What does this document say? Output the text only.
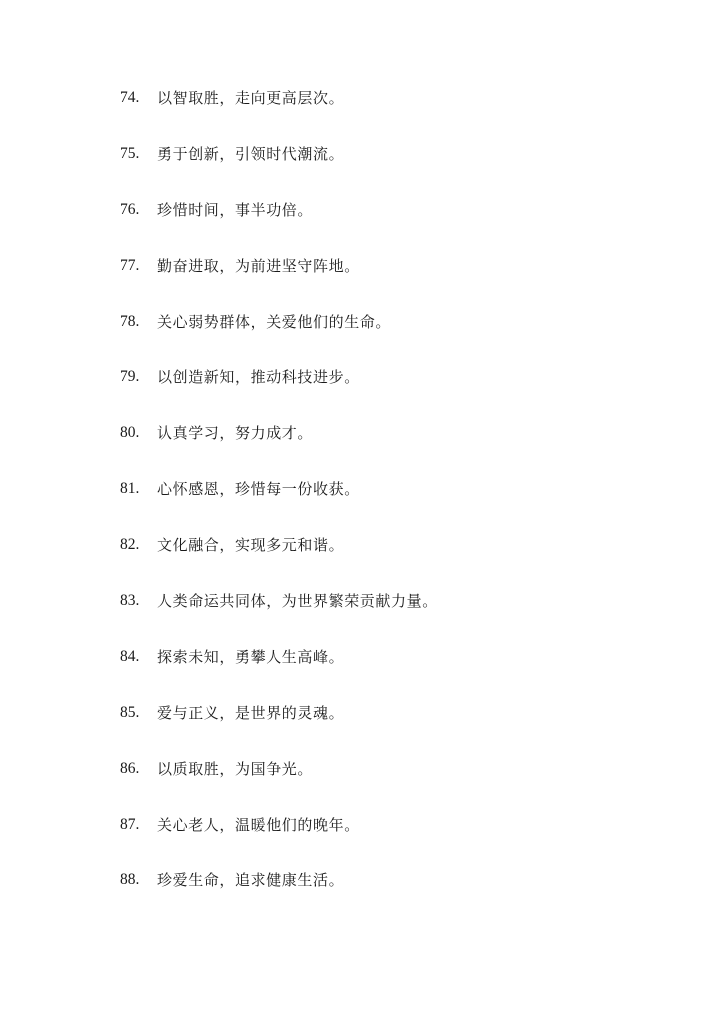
74.	以智取胜，走向更高层次。
75.	勇于创新，引领时代潮流。
76.	珍惜时间，事半功倍。
77.	勤奋进取，为前进坚守阵地。
78.	关心弱势群体，关爱他们的生命。
79.	以创造新知，推动科技进步。
80.	认真学习，努力成才。
81.	心怀感恩，珍惜每一份收获。
82.	文化融合，实现多元和谐。
83.	人类命运共同体，为世界繁荣贡献力量。
84.	探索未知，勇攀人生高峰。
85.	爱与正义，是世界的灵魂。
86.	以质取胜，为国争光。
87.	关心老人，温暖他们的晚年。
88.	珍爱生命，追求健康生活。
